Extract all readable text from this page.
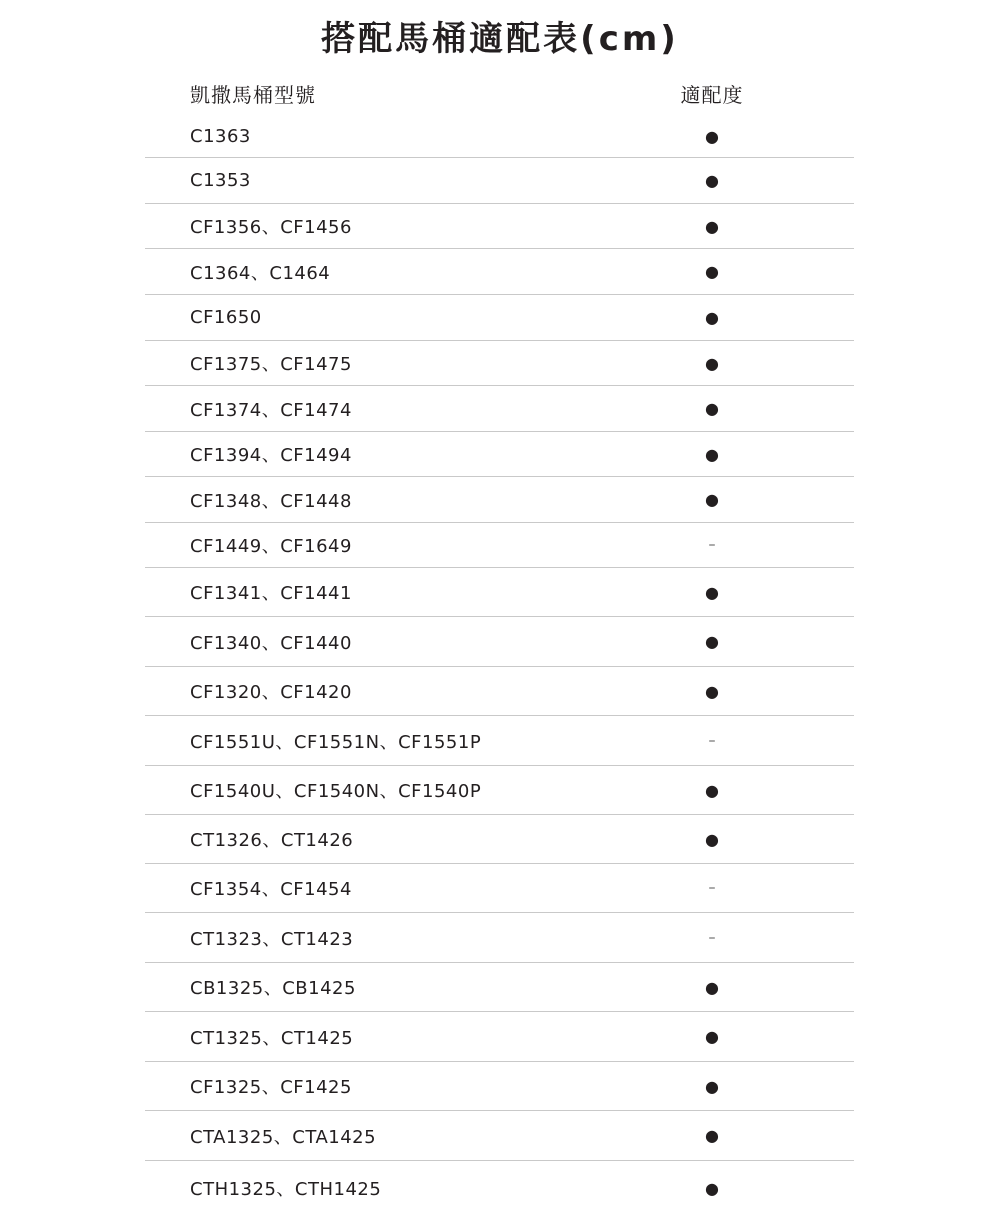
搭配馬桶適配表(cm)
凱撒馬桶型號	適配度
C1363	●
C1353	●
CF1356、CF1456	●
C1364、C1464	●
CF1650	●
CF1375、CF1475	●
CF1374、CF1474	●
CF1394、CF1494	●
CF1348、CF1448	●
CF1449、CF1649	–
CF1341、CF1441	●
CF1340、CF1440	●
CF1320、CF1420	●
CF1551U、CF1551N、CF1551P	–
CF1540U、CF1540N、CF1540P	●
CT1326、CT1426	●
CF1354、CF1454	–
CT1323、CT1423	–
CB1325、CB1425	●
CT1325、CT1425	●
CF1325、CF1425	●
CTA1325、CTA1425	●
CTH1325、CTH1425	●
